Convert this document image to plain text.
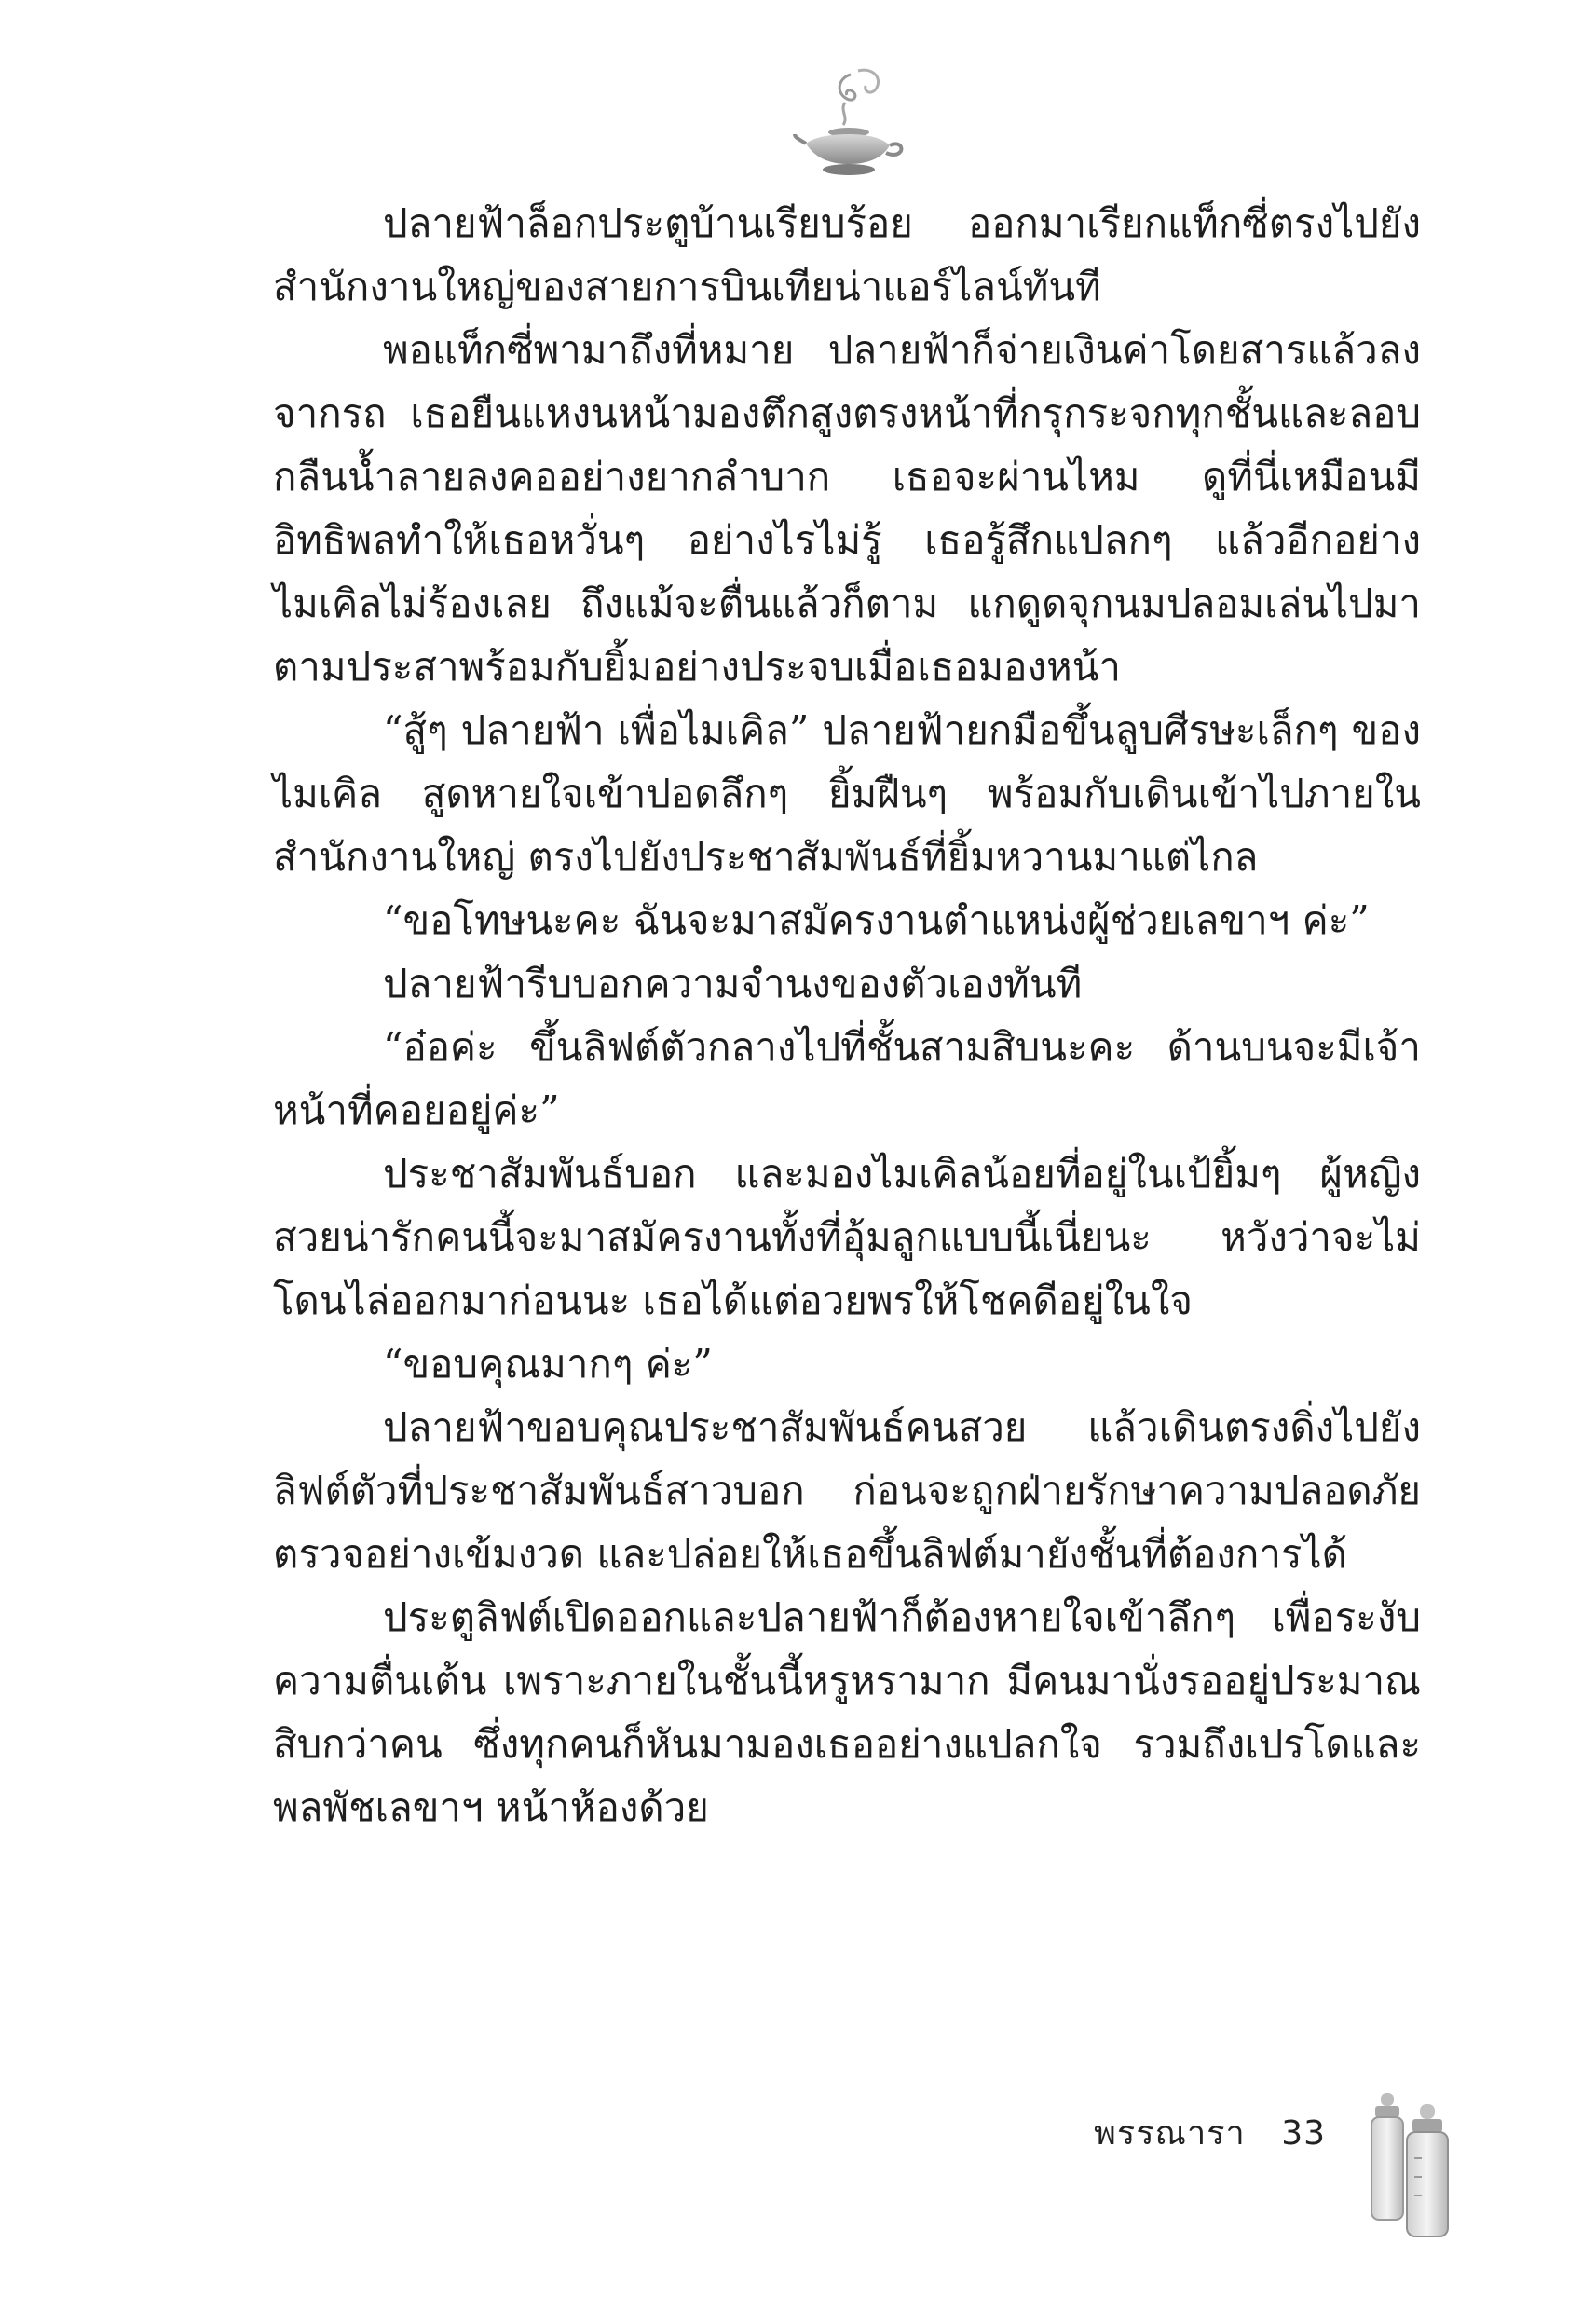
ปลายฟ้าล็อกประตูบ้านเรียบร้อย ออกมาเรียกแท็กซี่ตรงไปยังสำนักงานใหญ่ของสายการบินเทียน่าแอร์ไลน์ทันที

พอแท็กซี่พามาถึงที่หมาย ปลายฟ้าก็จ่ายเงินค่าโดยสารแล้วลงจากรถ เธอยืนแหงนหน้ามองตึกสูงตรงหน้าที่กรุกระจกทุกชั้นและลอบกลืนน้ำลายลงคออย่างยากลำบาก เธอจะผ่านไหม ดูที่นี่เหมือนมีอิทธิพลทำให้เธอหวั่นๆ อย่างไรไม่รู้ เธอรู้สึกแปลกๆ แล้วอีกอย่างไมเคิลไม่ร้องเลย ถึงแม้จะตื่นแล้วก็ตาม แกดูดจุกนมปลอมเล่นไปมาตามประสาพร้อมกับยิ้มอย่างประจบเมื่อเธอมองหน้า

“สู้ๆ ปลายฟ้า เพื่อไมเคิล” ปลายฟ้ายกมือขึ้นลูบศีรษะเล็กๆ ของไมเคิล สูดหายใจเข้าปอดลึกๆ ยิ้มฝืนๆ พร้อมกับเดินเข้าไปภายในสำนักงานใหญ่ ตรงไปยังประชาสัมพันธ์ที่ยิ้มหวานมาแต่ไกล

“ขอโทษนะคะ ฉันจะมาสมัครงานตำแหน่งผู้ช่วยเลขาฯ ค่ะ”

ปลายฟ้ารีบบอกความจำนงของตัวเองทันที

“อ๋อค่ะ ขึ้นลิฟต์ตัวกลางไปที่ชั้นสามสิบนะคะ ด้านบนจะมีเจ้าหน้าที่คอยอยู่ค่ะ”

ประชาสัมพันธ์บอก และมองไมเคิลน้อยที่อยู่ในเป้ยิ้มๆ ผู้หญิงสวยน่ารักคนนี้จะมาสมัครงานทั้งที่อุ้มลูกแบบนี้เนี่ยนะ หวังว่าจะไม่โดนไล่ออกมาก่อนนะ เธอได้แต่อวยพรให้โชคดีอยู่ในใจ

“ขอบคุณมากๆ ค่ะ”

ปลายฟ้าขอบคุณประชาสัมพันธ์คนสวย แล้วเดินตรงดิ่งไปยังลิฟต์ตัวที่ประชาสัมพันธ์สาวบอก ก่อนจะถูกฝ่ายรักษาความปลอดภัยตรวจอย่างเข้มงวด และปล่อยให้เธอขึ้นลิฟต์มายังชั้นที่ต้องการได้

ประตูลิฟต์เปิดออกและปลายฟ้าก็ต้องหายใจเข้าลึกๆ เพื่อระงับความตื่นเต้น เพราะภายในชั้นนี้หรูหรามาก มีคนมานั่งรออยู่ประมาณสิบกว่าคน ซึ่งทุกคนก็หันมามองเธออย่างแปลกใจ รวมถึงเปรโดและพลพัชเลขาฯ หน้าห้องด้วย

พรรณารา 33
